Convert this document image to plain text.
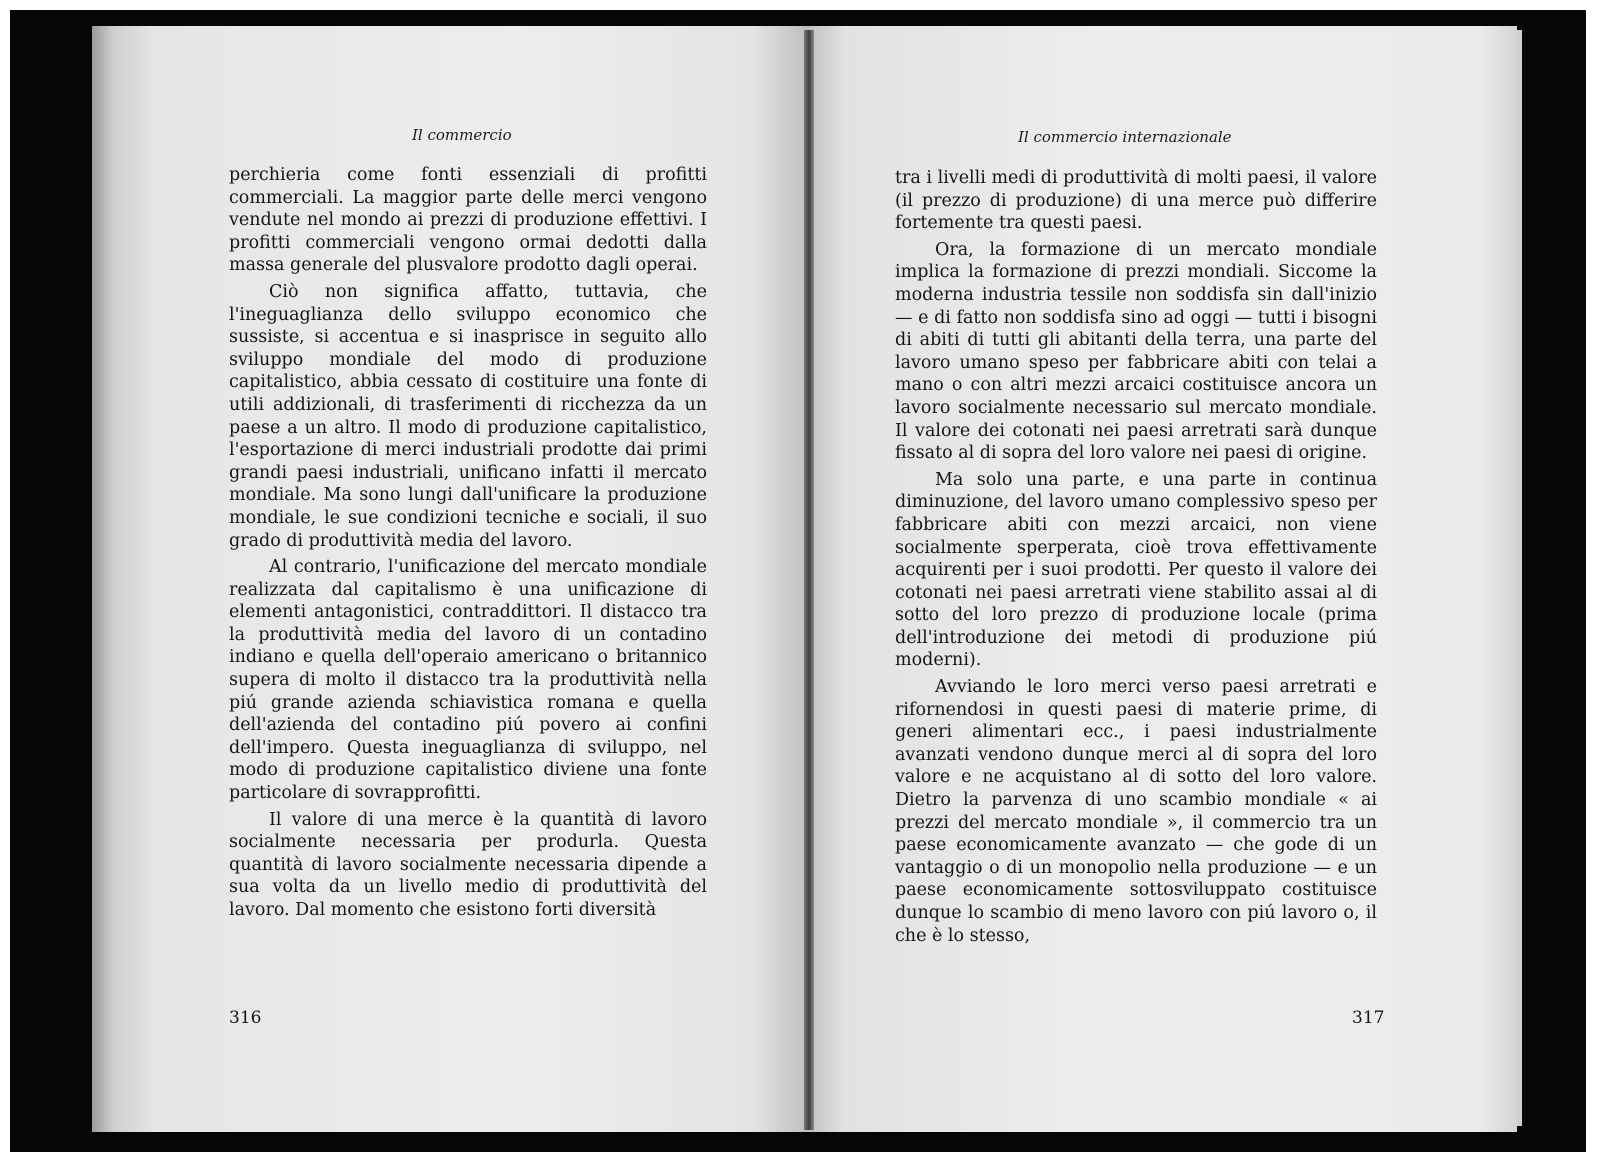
Il commercio

perchieria come fonti essenziali di profitti commerciali. La maggior parte delle merci vengono vendute nel mondo ai prezzi di produzione effettivi. I profitti commerciali vengono ormai dedotti dalla massa generale del plusvalore prodotto dagli operai.

Ciò non significa affatto, tuttavia, che l'ineguaglianza dello sviluppo economico che sussiste, si accentua e si inasprisce in seguito allo sviluppo mondiale del modo di produzione capitalistico, abbia cessato di costituire una fonte di utili addizionali, di trasferimenti di ricchezza da un paese a un altro. Il modo di produzione capitalistico, l'esportazione di merci industriali prodotte dai primi grandi paesi industriali, unificano infatti il mercato mondiale. Ma sono lungi dall'unificare la produzione mondiale, le sue condizioni tecniche e sociali, il suo grado di produttività media del lavoro.

Al contrario, l'unificazione del mercato mondiale realizzata dal capitalismo è una unificazione di elementi antagonistici, contraddittori. Il distacco tra la produttività media del lavoro di un contadino indiano e quella dell'operaio americano o britannico supera di molto il distacco tra la produttività nella piú grande azienda schiavistica romana e quella dell'azienda del contadino piú povero ai confini dell'impero. Questa ineguaglianza di sviluppo, nel modo di produzione capitalistico diviene una fonte particolare di sovrapprofitti.

Il valore di una merce è la quantità di lavoro socialmente necessaria per produrla. Questa quantità di lavoro socialmente necessaria dipende a sua volta da un livello medio di produttività del lavoro. Dal momento che esistono forti diversità

316
Il commercio internazionale

tra i livelli medi di produttività di molti paesi, il valore (il prezzo di produzione) di una merce può differire fortemente tra questi paesi.

Ora, la formazione di un mercato mondiale implica la formazione di prezzi mondiali. Siccome la moderna industria tessile non soddisfa sin dall'inizio — e di fatto non soddisfa sino ad oggi — tutti i bisogni di abiti di tutti gli abitanti della terra, una parte del lavoro umano speso per fabbricare abiti con telai a mano o con altri mezzi arcaici costituisce ancora un lavoro socialmente necessario sul mercato mondiale. Il valore dei cotonati nei paesi arretrati sarà dunque fissato al di sopra del loro valore nei paesi di origine.

Ma solo una parte, e una parte in continua diminuzione, del lavoro umano complessivo speso per fabbricare abiti con mezzi arcaici, non viene socialmente sperperata, cioè trova effettivamente acquirenti per i suoi prodotti. Per questo il valore dei cotonati nei paesi arretrati viene stabilito assai al di sotto del loro prezzo di produzione locale (prima dell'introduzione dei metodi di produzione piú moderni).

Avviando le loro merci verso paesi arretrati e rifornendosi in questi paesi di materie prime, di generi alimentari ecc., i paesi industrialmente avanzati vendono dunque merci al di sopra del loro valore e ne acquistano al di sotto del loro valore. Dietro la parvenza di uno scambio mondiale « ai prezzi del mercato mondiale », il commercio tra un paese economicamente avanzato — che gode di un vantaggio o di un monopolio nella produzione — e un paese economicamente sottosviluppato costituisce dunque lo scambio di meno lavoro con piú lavoro o, il che è lo stesso,

317
